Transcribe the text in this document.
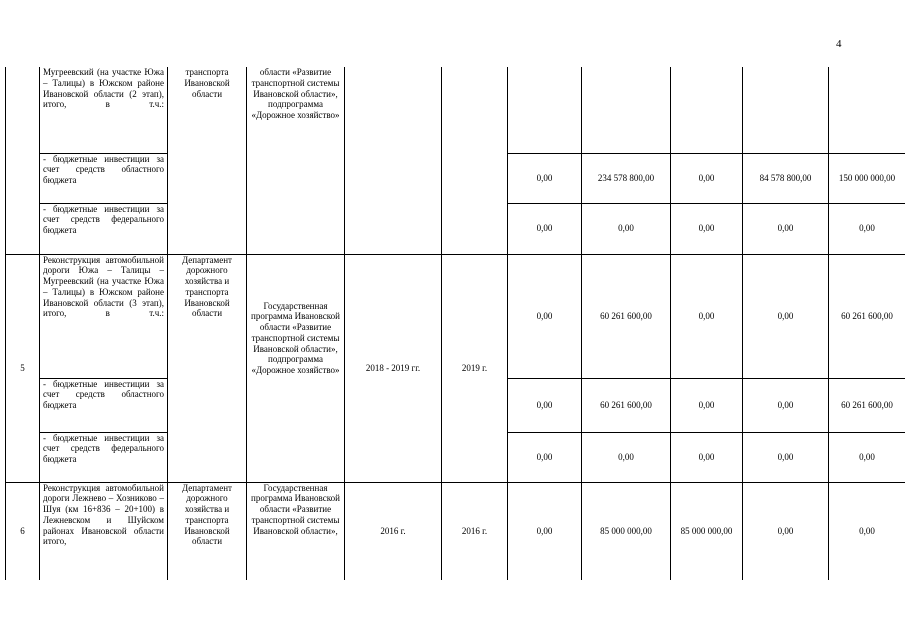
4
	Мугреевский (на участке Южа – Талицы) в Южском районе Ивановской области (2 этап), итого, в т.ч.:	транспорта Ивановской области	области «Развитие транспортной системы Ивановской области», подпрограмма «Дорожное хозяйство»							
	- бюджетные инвестиции за счет средств областного бюджета					0,00	234 578 800,00	0,00	84 578 800,00	150 000 000,00
	- бюджетные инвестиции за счет средств федерального бюджета					0,00	0,00	0,00	0,00	0,00
5	Реконструкция автомобильной дороги Южа – Талицы – Мугреевский (на участке Южа – Талицы) в Южском районе Ивановской области (3 этап), итого, в т.ч.:	Департамент дорожного хозяйства и транспорта Ивановской области	Государственная программа Ивановской области «Развитие транспортной системы Ивановской области», подпрограмма «Дорожное хозяйство»	2018 - 2019 гг.	2019 г.	0,00	60 261 600,00	0,00	0,00	60 261 600,00
	- бюджетные инвестиции за счет средств областного бюджета					0,00	60 261 600,00	0,00	0,00	60 261 600,00
	- бюджетные инвестиции за счет средств федерального бюджета					0,00	0,00	0,00	0,00	0,00
6	Реконструкция автомобильной дороги Лежнево – Хозниково – Шуя (км 16+836 – 20+100) в Лежневском и Шуйском районах Ивановской области итого,	Департамент дорожного хозяйства и транспорта Ивановской области	Государственная программа Ивановской области «Развитие транспортной системы Ивановской области»,	2016 г.	2016 г.	0,00	85 000 000,00	85 000 000,00	0,00	0,00
